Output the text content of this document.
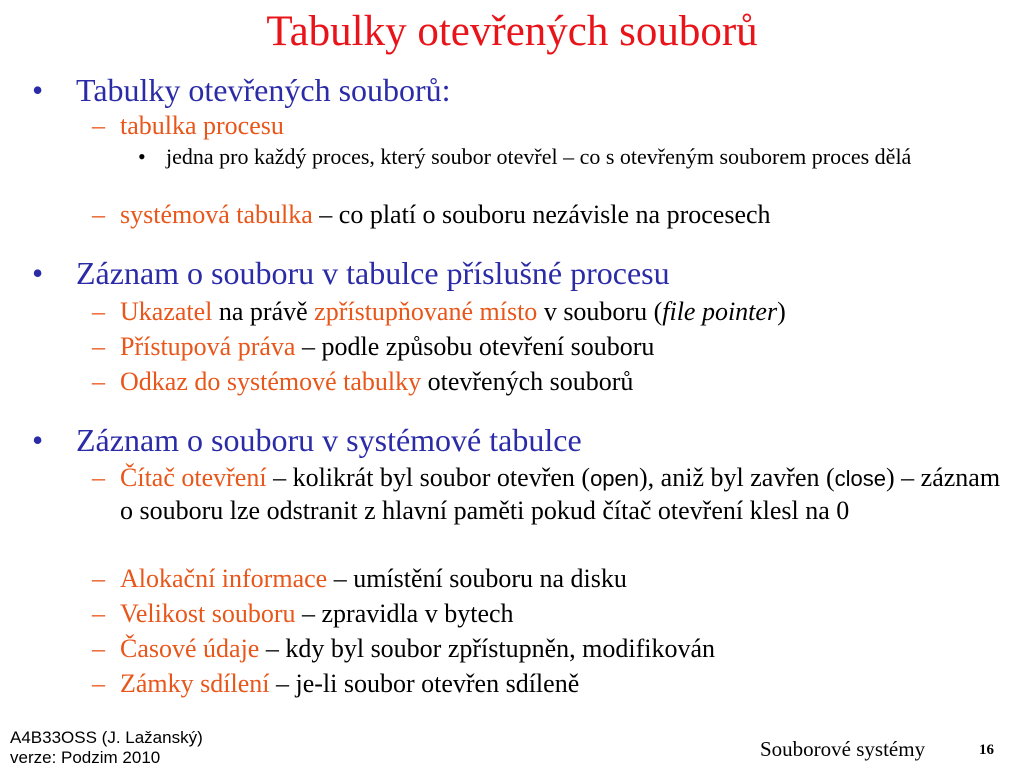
Tabulky otevřených souborů
• Tabulky otevřených souborů:
– tabulka procesu
• jedna pro každý proces, který soubor otevřel – co s otevřeným souborem proces dělá
– systémová tabulka – co platí o souboru nezávisle na procesech
• Záznam o souboru v tabulce příslušné procesu
– Ukazatel na právě zpřístupňované místo v souboru (file pointer)
– Přístupová práva – podle způsobu otevření souboru
– Odkaz do systémové tabulky otevřených souborů
• Záznam o souboru v systémové tabulce
– Čítač otevření – kolikrát byl soubor otevřen (open), aniž byl zavřen (close) – záznam o souboru lze odstranit z hlavní paměti pokud čítač otevření klesl na 0
– Alokační informace – umístění souboru na disku
– Velikost souboru – zpravidla v bytech
– Časové údaje – kdy byl soubor zpřístupněn, modifikován
– Zámky sdílení – je-li soubor otevřen sdíleně
A4B33OSS (J. Lažanský)
verze: Podzim 2010	Souborové systémy	16
